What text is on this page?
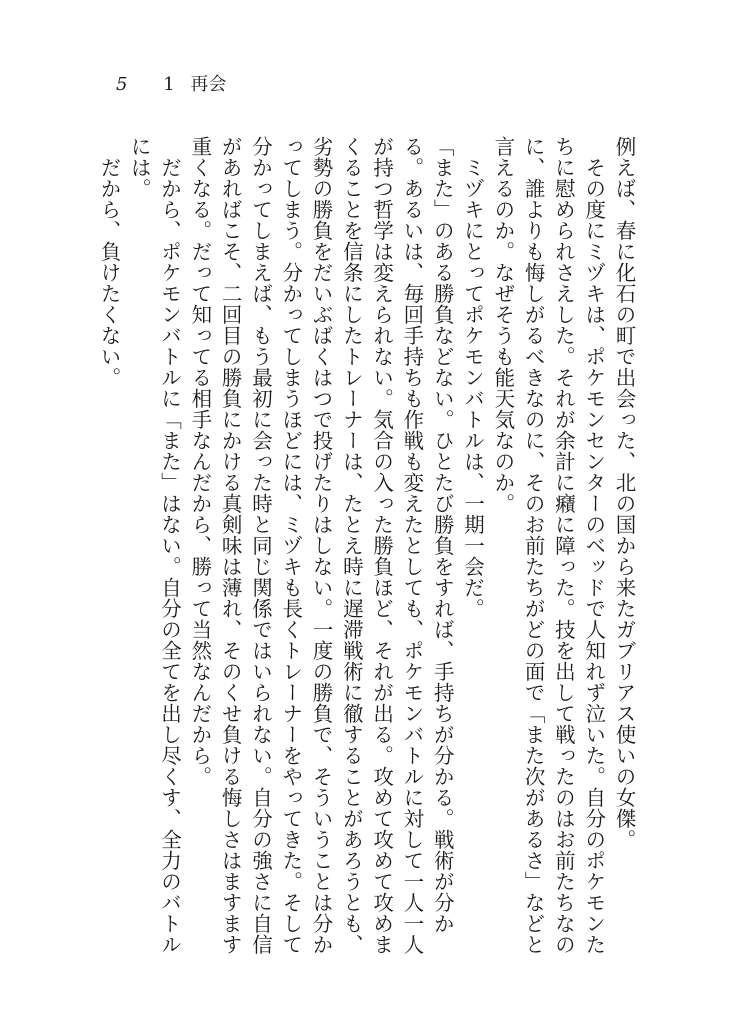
5 1 再会

例えば、春に化石の町で出会った、北の国から来たガブリアス使いの女傑。

その度にミヅキは、ポケモンセンターのベッドで人知れず泣いた。自分のポケモンたちに慰められさえした。それが余計に癪に障った。技を出して戦ったのはお前たちなのに、誰よりも悔しがるべきなのに、そのお前たちがどの面で「また次があるさ」などと言えるのか。なぜそうも能天気なのか。

ミヅキにとってポケモンバトルは、一期一会だ。

「また」のある勝負などない。ひとたび勝負をすれば、手持ちが分かる。戦術が分かる。あるいは、毎回手持ちも作戦も変えたとしても、ポケモンバトルに対して一人一人が持つ哲学は変えられない。気合の入った勝負ほど、それが出る。攻めて攻めて攻めまくることを信条にしたトレーナーは、たとえ時に遅滞戦術に徹することがあろうとも、劣勢の勝負をだいぶばくはつで投げたりはしない。一度の勝負で、そういうことは分かってしまう。分かってしまうほどには、ミヅキも長くトレーナーをやってきた。そして分かってしまえば、もう最初に会った時と同じ関係ではいられない。自分の強さに自信があればこそ、二回目の勝負にかける真剣味は薄れ、そのくせ負ける悔しさはますます重くなる。だって知ってる相手なんだから、勝って当然なんだから。

だから、ポケモンバトルに「また」はない。自分の全てを出し尽くす、全力のバトルには。

だから、負けたくない。
